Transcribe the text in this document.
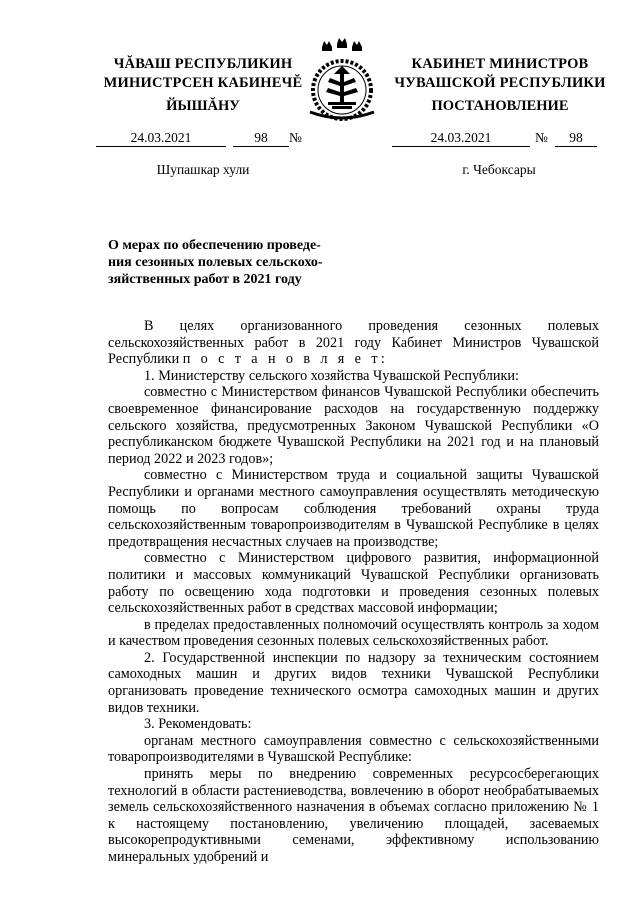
ЧĂВАШ РЕСПУБЛИКИН
МИНИСТРСЕН КАБИНЕЧĔ
ЙЫШĂНУ
24.03.2021	98	№
Шупашкар хули
КАБИНЕТ МИНИСТРОВ
ЧУВАШСКОЙ РЕСПУБЛИКИ
ПОСТАНОВЛЕНИЕ
24.03.2021	№	98
г. Чебоксары
О мерах по обеспечению проведе-
ния сезонных полевых сельскохо-
зяйственных работ в 2021 году

В целях организованного проведения сезонных полевых сельскохозяйственных работ в 2021 году Кабинет Министров Чувашской Республики п о с т а н о в л я е т:

1. Министерству сельского хозяйства Чувашской Республики:

совместно с Министерством финансов Чувашской Республики обеспечить своевременное финансирование расходов на государственную поддержку сельского хозяйства, предусмотренных Законом Чувашской Республики «О республиканском бюджете Чувашской Республики на 2021 год и на плановый период 2022 и 2023 годов»;

совместно с Министерством труда и социальной защиты Чувашской Республики и органами местного самоуправления осуществлять методическую помощь по вопросам соблюдения требований охраны труда сельскохозяйственным товаропроизводителям в Чувашской Республике в целях предотвращения несчастных случаев на производстве;

совместно с Министерством цифрового развития, информационной политики и массовых коммуникаций Чувашской Республики организовать работу по освещению хода подготовки и проведения сезонных полевых сельскохозяйственных работ в средствах массовой информации;

в пределах предоставленных полномочий осуществлять контроль за ходом и качеством проведения сезонных полевых сельскохозяйственных работ.

2. Государственной инспекции по надзору за техническим состоянием самоходных машин и других видов техники Чувашской Республики организовать проведение технического осмотра самоходных машин и других видов техники.

3. Рекомендовать:

органам местного самоуправления совместно с сельскохозяйственными товаропроизводителями в Чувашской Республике:

принять меры по внедрению современных ресурсосберегающих технологий в области растениеводства, вовлечению в оборот необрабатываемых земель сельскохозяйственного назначения в объемах согласно приложению № 1 к настоящему постановлению, увеличению площадей, засеваемых высокорепродуктивными семенами, эффективному использованию минеральных удобрений и
